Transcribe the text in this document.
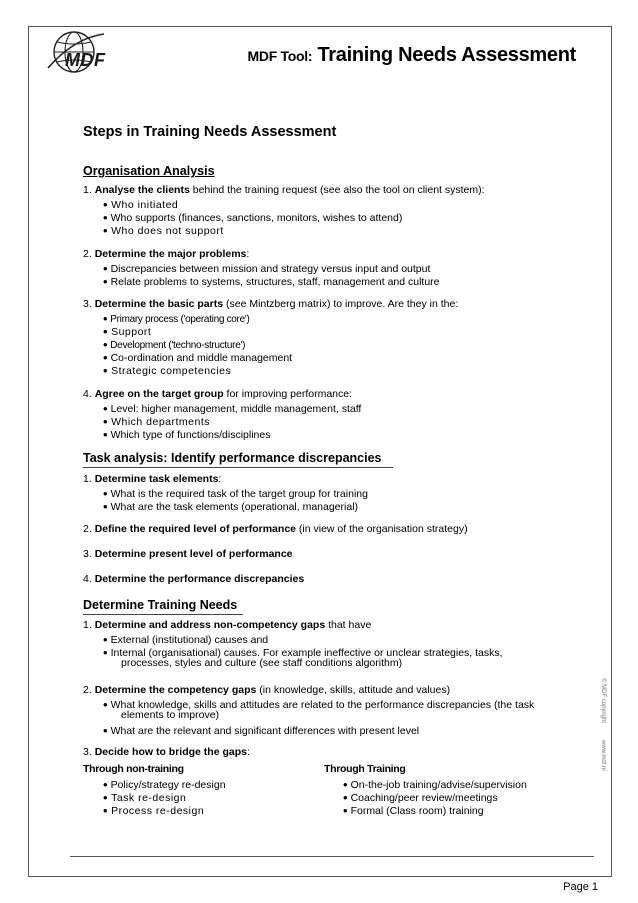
MDF	MDF Tool: Training Needs Assessment
Steps in Training Needs Assessment
Organisation Analysis
1. Analyse the clients behind the training request (see also the tool on client system):
• Who initiated
• Who supports (finances, sanctions, monitors, wishes to attend)
• Who does not support
2. Determine the major problems:
• Discrepancies between mission and strategy versus input and output
• Relate problems to systems, structures, staff, management and culture
3. Determine the basic parts (see Mintzberg matrix) to improve. Are they in the:
• Primary process ('operating core')
• Support
• Development ('techno-structure')
• Co-ordination and middle management
• Strategic competencies
4. Agree on the target group for improving performance:
• Level: higher management, middle management, staff
• Which departments
• Which type of functions/disciplines
Task analysis: Identify performance discrepancies
1. Determine task elements:
• What is the required task of the target group for training
• What are the task elements (operational, managerial)
2. Define the required level of performance (in view of the organisation strategy)
3. Determine present level of performance
4. Determine the performance discrepancies
Determine Training Needs
1. Determine and address non-competency gaps that have
• External (institutional) causes and
• Internal (organisational) causes. For example ineffective or unclear strategies, tasks,
processes, styles and culture (see staff conditions algorithm)
2. Determine the competency gaps (in knowledge, skills, attitude and values)
• What knowledge, skills and attitudes are related to the performance discrepancies (the task
elements to improve)
• What are the relevant and significant differences with present level
3. Decide how to bridge the gaps:
Through non-training
• Policy/strategy re-design
• Task re-design
• Process re-design
Through Training
• On-the-job training/advise/supervision
• Coaching/peer review/meetings
• Formal (Class room) training
© MDF copyright
www.mdf.nl
Page 1
